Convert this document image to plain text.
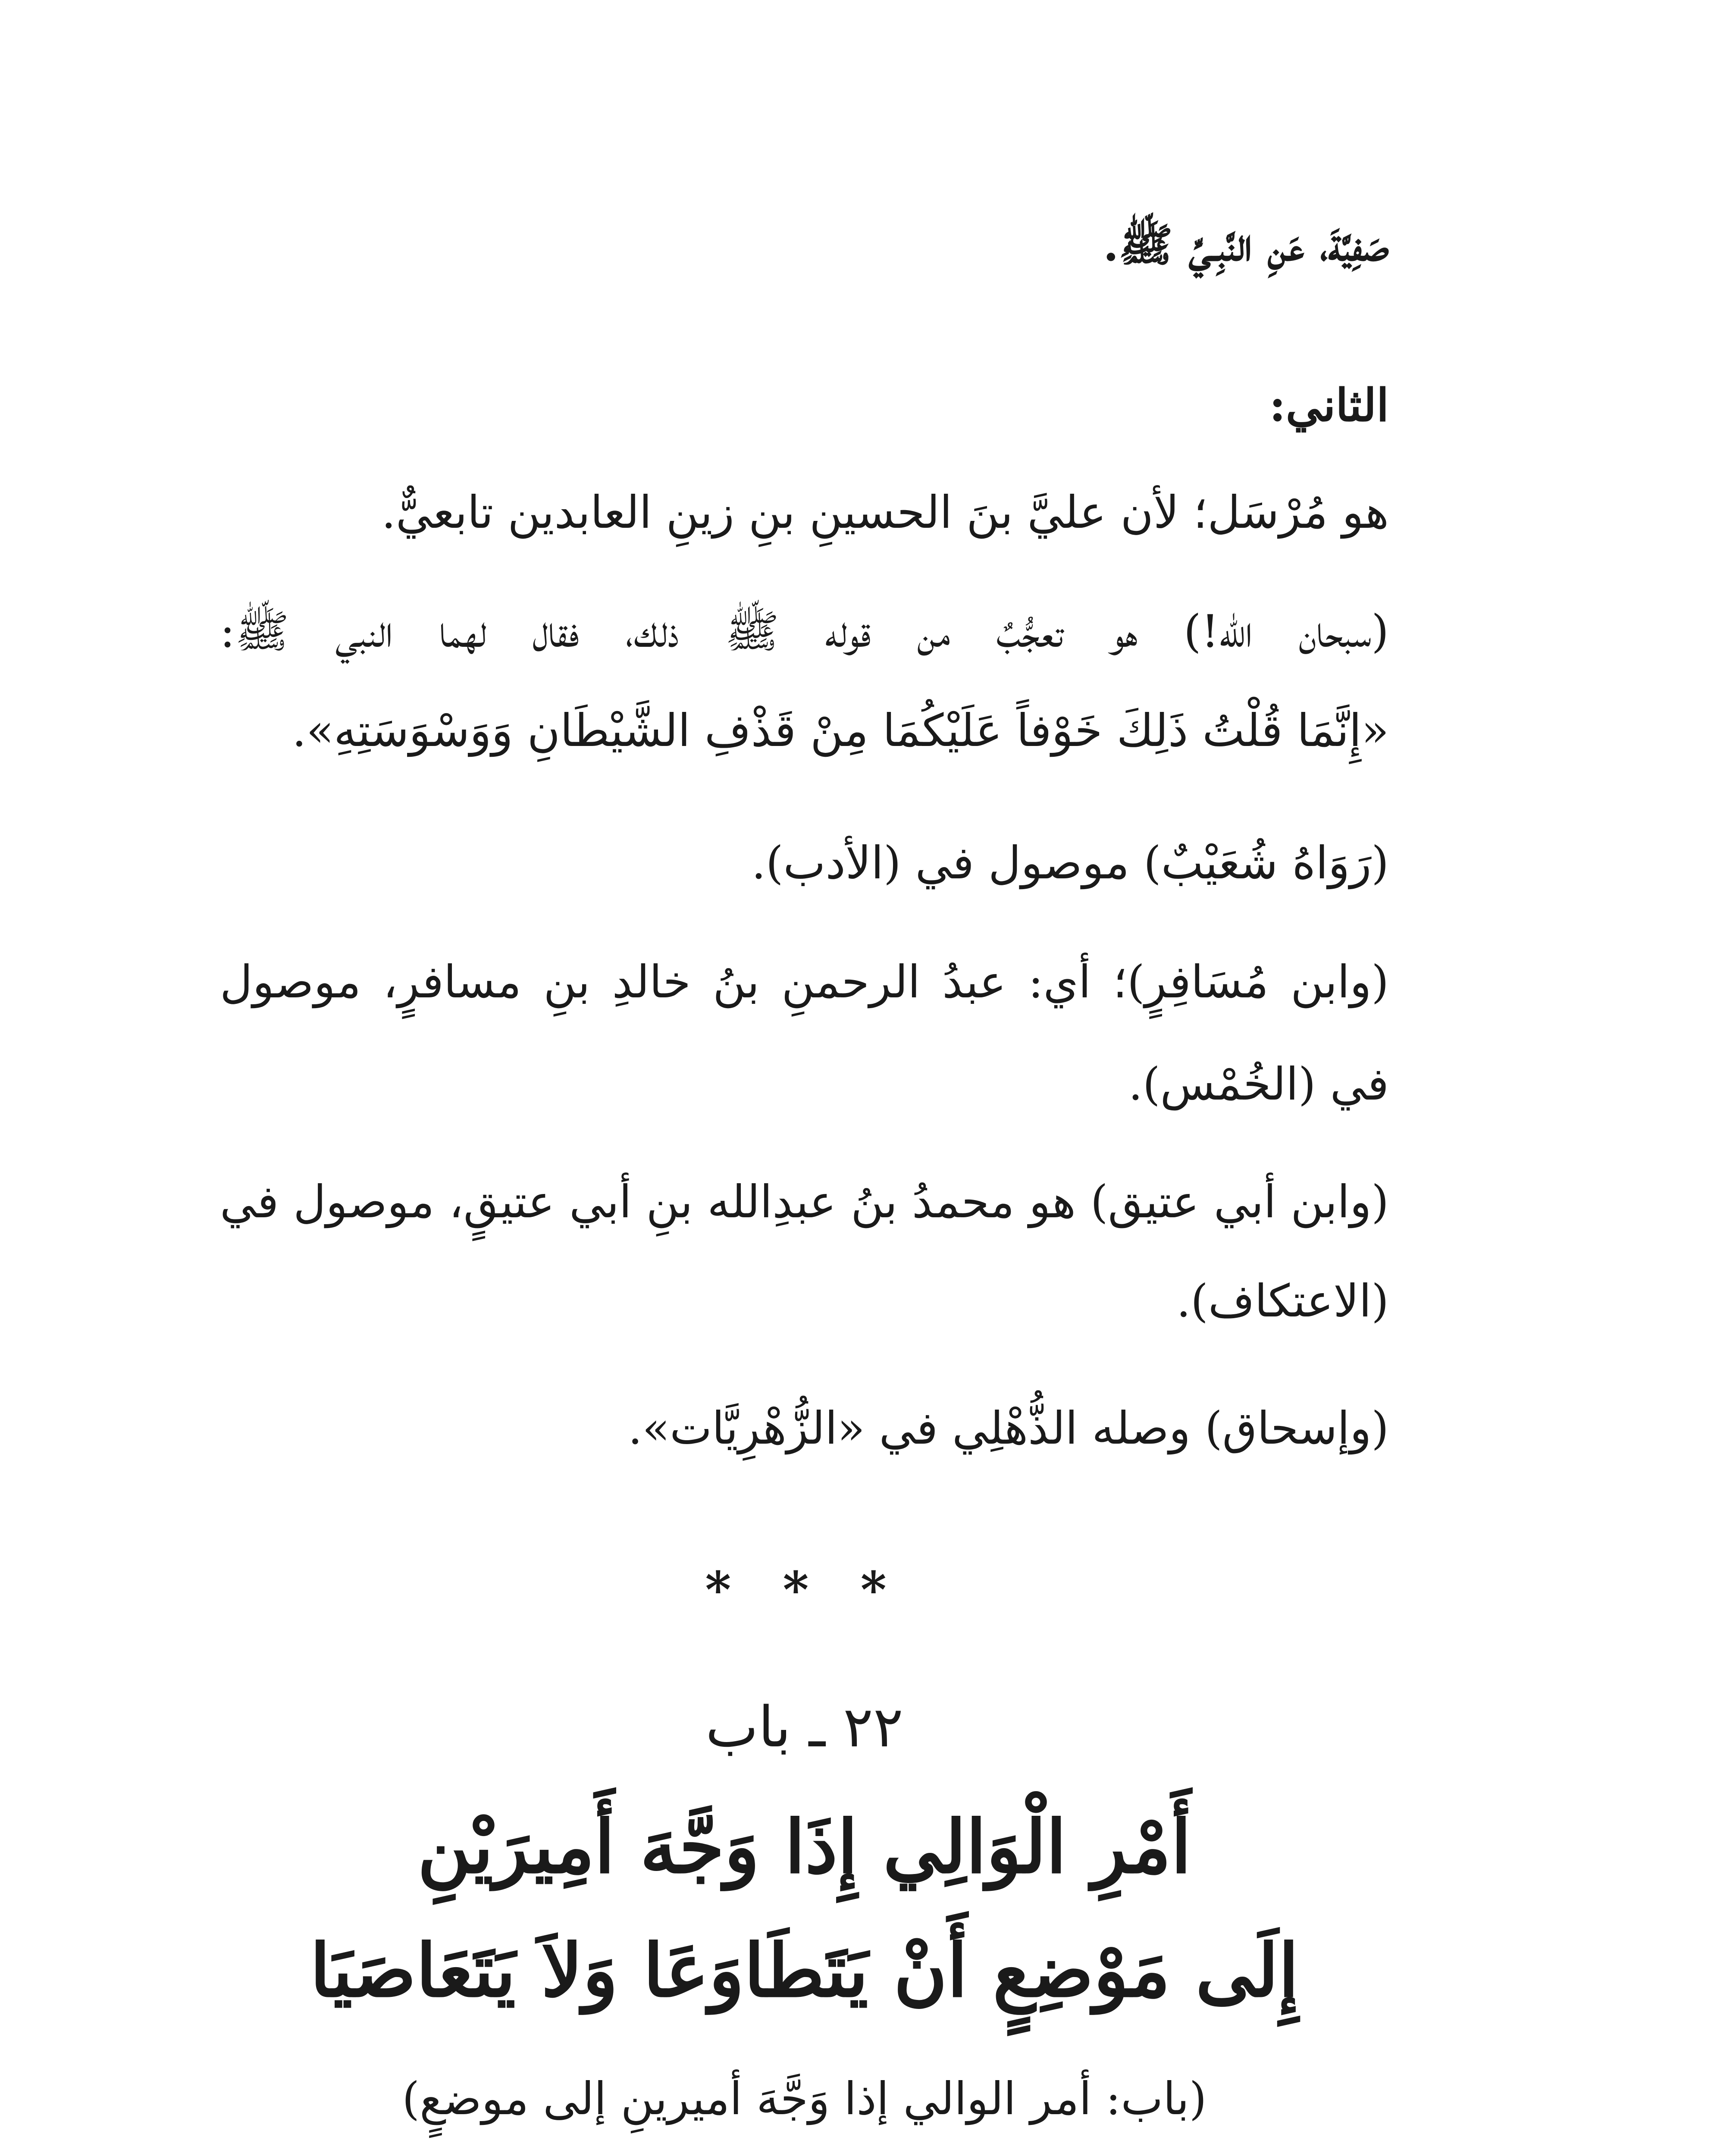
صَفِيَّةَ، عَنِ النَّبِـيِّ ﷺ.
الثاني:
هو مُرْسَل؛ لأن عليَّ بنَ الحسينِ بنِ زينِ العابدين تابعيٌّ.
(سبحان الله!) هو تعجُّبٌ من قوله ﷺ ذلك، فقال لهما النبي ﷺ:
«إِنَّمَا قُلْتُ ذَلِكَ خَوْفاً عَلَيْكُمَا مِنْ قَذْفِ الشَّيْطَانِ وَوَسْوَسَتِهِ».
(رَوَاهُ شُعَيْبٌ) موصول في (الأدب).
(وابن مُسَافِرٍ)؛ أي: عبدُ الرحمنِ بنُ خالدِ بنِ مسافرٍ، موصول
في (الخُمْس).
(وابن أبي عتيق) هو محمدُ بنُ عبدِالله بنِ أبي عتيقٍ، موصول في
(الاعتكاف).
(وإسحاق) وصله الذُّهْلِي في «الزُّهْرِيَّات».
* * *
٢٢ ـ باب
أَمْرِ الْوَالِي إِذَا وَجَّهَ أَمِيرَيْنِ
إِلَى مَوْضِعٍ أَنْ يَتَطَاوَعَا وَلاَ يَتَعَاصَيَا
(باب: أمر الوالي إذا وَجَّهَ أميرينِ إلى موضعٍ)
